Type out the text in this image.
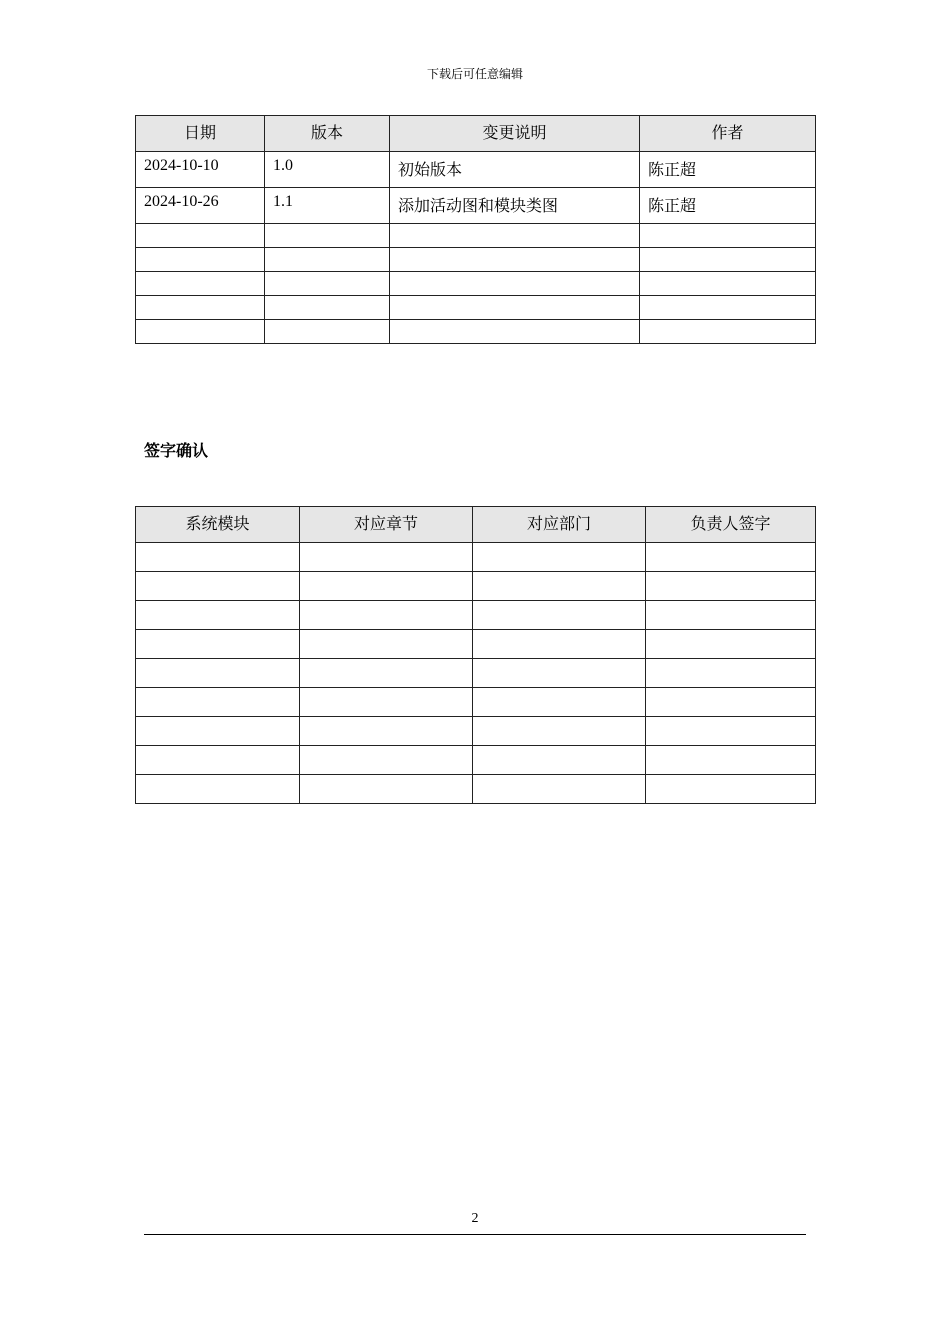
下载后可任意编辑
日期	版本	变更说明	作者
2024-10-10	1.0	初始版本	陈正超
2024-10-26	1.1	添加活动图和模块类图	陈正超

签字确认
系统模块	对应章节	对应部门	负责人签字

2
